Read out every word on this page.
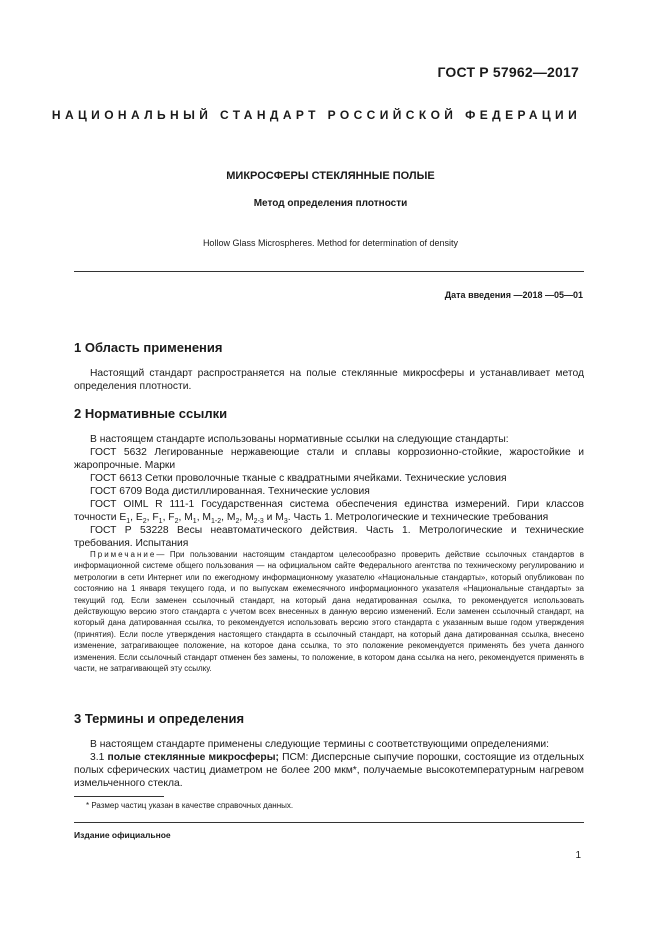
ГОСТ Р 57962—2017
НАЦИОНАЛЬНЫЙ СТАНДАРТ РОССИЙСКОЙ ФЕДЕРАЦИИ
МИКРОСФЕРЫ СТЕКЛЯННЫЕ ПОЛЫЕ
Метод определения плотности
Hollow Glass Microspheres. Method for determination of density
Дата введения —2018 —05—01
1 Область применения

Настоящий стандарт распространяется на полые стеклянные микросферы и устанавливает метод определения плотности.

2 Нормативные ссылки

В настоящем стандарте использованы нормативные ссылки на следующие стандарты:

ГОСТ 5632 Легированные нержавеющие стали и сплавы коррозионно-стойкие, жаростойкие и жаропрочные. Марки

ГОСТ 6613 Сетки проволочные тканые с квадратными ячейками. Технические условия

ГОСТ 6709 Вода дистиллированная. Технические условия

ГОСТ OIML R 111-1 Государственная система обеспечения единства измерений. Гири классов точности $E_1$, $E_2$, $F_1$, $F_2$, $M_1$, $M_{1-2}$, $M_2$, $M_{2-3}$ и $M_3$. Часть 1. Метрологические и технические требования

ГОСТ Р 53228 Весы неавтоматического действия. Часть 1. Метрологические и технические требования. Испытания

Примечание— При пользовании настоящим стандартом целесообразно проверить действие ссылочных стандартов в информационной системе общего пользования — на официальном сайте Федерального агентства по техническому регулированию и метрологии в сети Интернет или по ежегодному информационному указателю «Национальные стандарты», который опубликован по состоянию на 1 января текущего года, и по выпускам ежемесячного информационного указателя «Национальные стандарты» за текущий год. Если заменен ссылочный стандарт, на который дана недатированная ссылка, то рекомендуется использовать действующую версию этого стандарта с учетом всех внесенных в данную версию изменений. Если заменен ссылочный стандарт, на который дана датированная ссылка, то рекомендуется использовать версию этого стандарта с указанным выше годом утверждения (принятия). Если после утверждения настоящего стандарта в ссылочный стандарт, на который дана датированная ссылка, внесено изменение, затрагивающее положение, на которое дана ссылка, то это положение рекомендуется применять без учета данного изменения. Если ссылочный стандарт отменен без замены, то положение, в котором дана ссылка на него, рекомендуется применять в части, не затрагивающей эту ссылку.

3 Термины и определения

В настоящем стандарте применены следующие термины с соответствующими определениями:

3.1 полые стеклянные микросферы; ПСМ: Дисперсные сыпучие порошки, состоящие из отдельных полых сферических частиц диаметром не более 200 мкм*, получаемые высокотемпературным нагревом измельченного стекла.

* Размер частиц указан в качестве справочных данных.
Издание официальное
1
